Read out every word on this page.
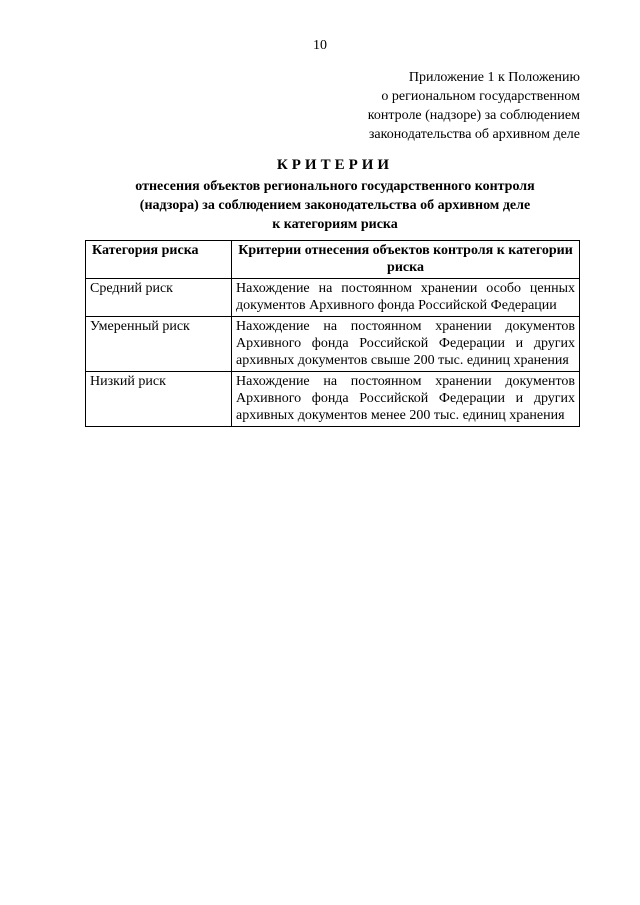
10
Приложение 1 к Положению
о региональном государственном
контроле (надзоре) за соблюдением
законодательства об архивном деле
КРИТЕРИИ
отнесения объектов регионального государственного контроля
(надзора) за соблюдением законодательства об архивном деле
к категориям риска
Категория риска	Критерии отнесения объектов контроля к категории риска
Средний риск	Нахождение на постоянном хранении особо ценных документов Архивного фонда Российской Федерации
Умеренный риск	Нахождение на постоянном хранении документов Архивного фонда Российской Федерации и других архивных документов свыше 200 тыс. единиц хранения
Низкий риск	Нахождение на постоянном хранении документов Архивного фонда Российской Федерации и других архивных документов менее 200 тыс. единиц хранения
